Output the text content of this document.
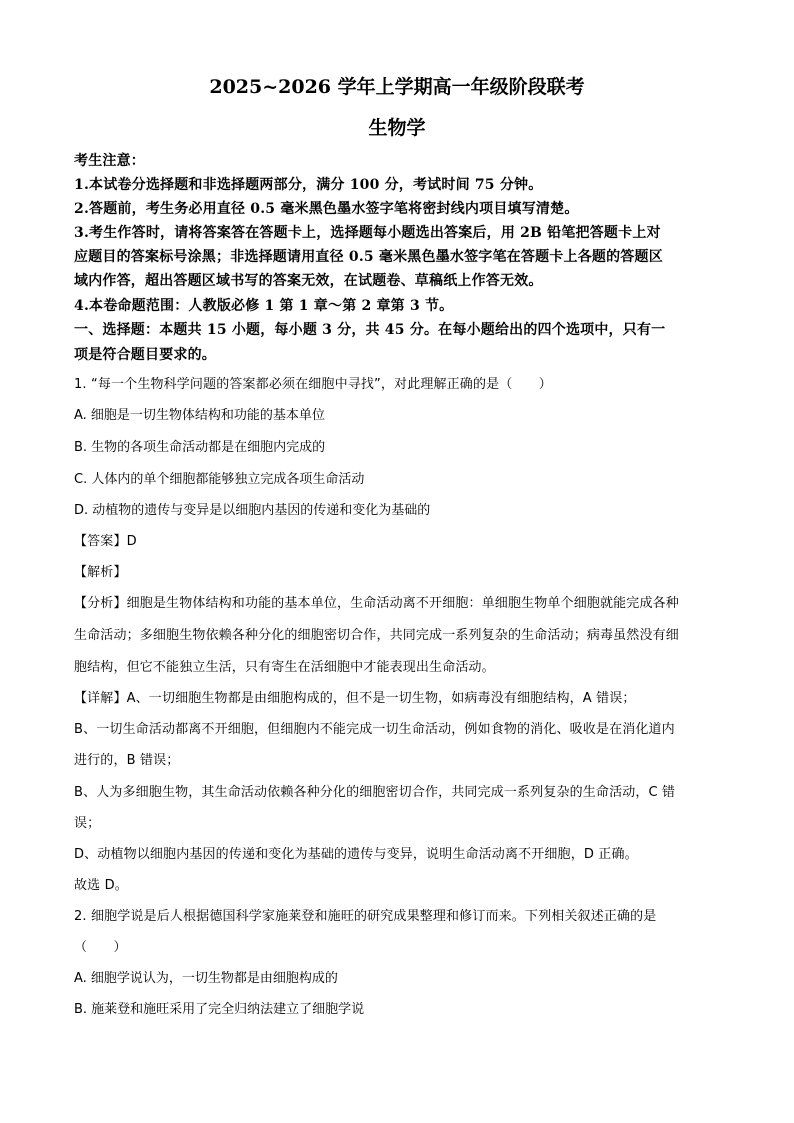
2025~2026 学年上学期高一年级阶段联考
生物学
考生注意：
1.本试卷分选择题和非选择题两部分，满分 100 分，考试时间 75 分钟。
2.答题前，考生务必用直径 0.5 毫米黑色墨水签字笔将密封线内项目填写清楚。
3.考生作答时，请将答案答在答题卡上，选择题每小题选出答案后，用 2B 铅笔把答题卡上对
应题目的答案标号涂黑；非选择题请用直径 0.5 毫米黑色墨水签字笔在答题卡上各题的答题区
域内作答，超出答题区域书写的答案无效，在试题卷、草稿纸上作答无效。
4.本卷命题范围：人教版必修 1 第 1 章～第 2 章第 3 节。
一、选择题：本题共 15 小题，每小题 3 分，共 45 分。在每小题给出的四个选项中，只有一
项是符合题目要求的。
1. “每一个生物科学问题的答案都必须在细胞中寻找”，对此理解正确的是（　　）
A. 细胞是一切生物体结构和功能的基本单位
B. 生物的各项生命活动都是在细胞内完成的
C. 人体内的单个细胞都能够独立完成各项生命活动
D. 动植物的遗传与变异是以细胞内基因的传递和变化为基础的
【答案】D
【解析】
【分析】细胞是生物体结构和功能的基本单位，生命活动离不开细胞：单细胞生物单个细胞就能完成各种
生命活动；多细胞生物依赖各种分化的细胞密切合作，共同完成一系列复杂的生命活动；病毒虽然没有细
胞结构，但它不能独立生活，只有寄生在活细胞中才能表现出生命活动。
【详解】A、一切细胞生物都是由细胞构成的，但不是一切生物，如病毒没有细胞结构，A 错误；
B、一切生命活动都离不开细胞，但细胞内不能完成一切生命活动，例如食物的消化、吸收是在消化道内
进行的，B 错误；
B、人为多细胞生物，其生命活动依赖各种分化的细胞密切合作，共同完成一系列复杂的生命活动，C 错
误；
D、动植物以细胞内基因的传递和变化为基础的遗传与变异，说明生命活动离不开细胞，D 正确。
故选 D。
2. 细胞学说是后人根据德国科学家施莱登和施旺的研究成果整理和修订而来。下列相关叙述正确的是
（　　）
A. 细胞学说认为，一切生物都是由细胞构成的
B. 施莱登和施旺采用了完全归纳法建立了细胞学说
